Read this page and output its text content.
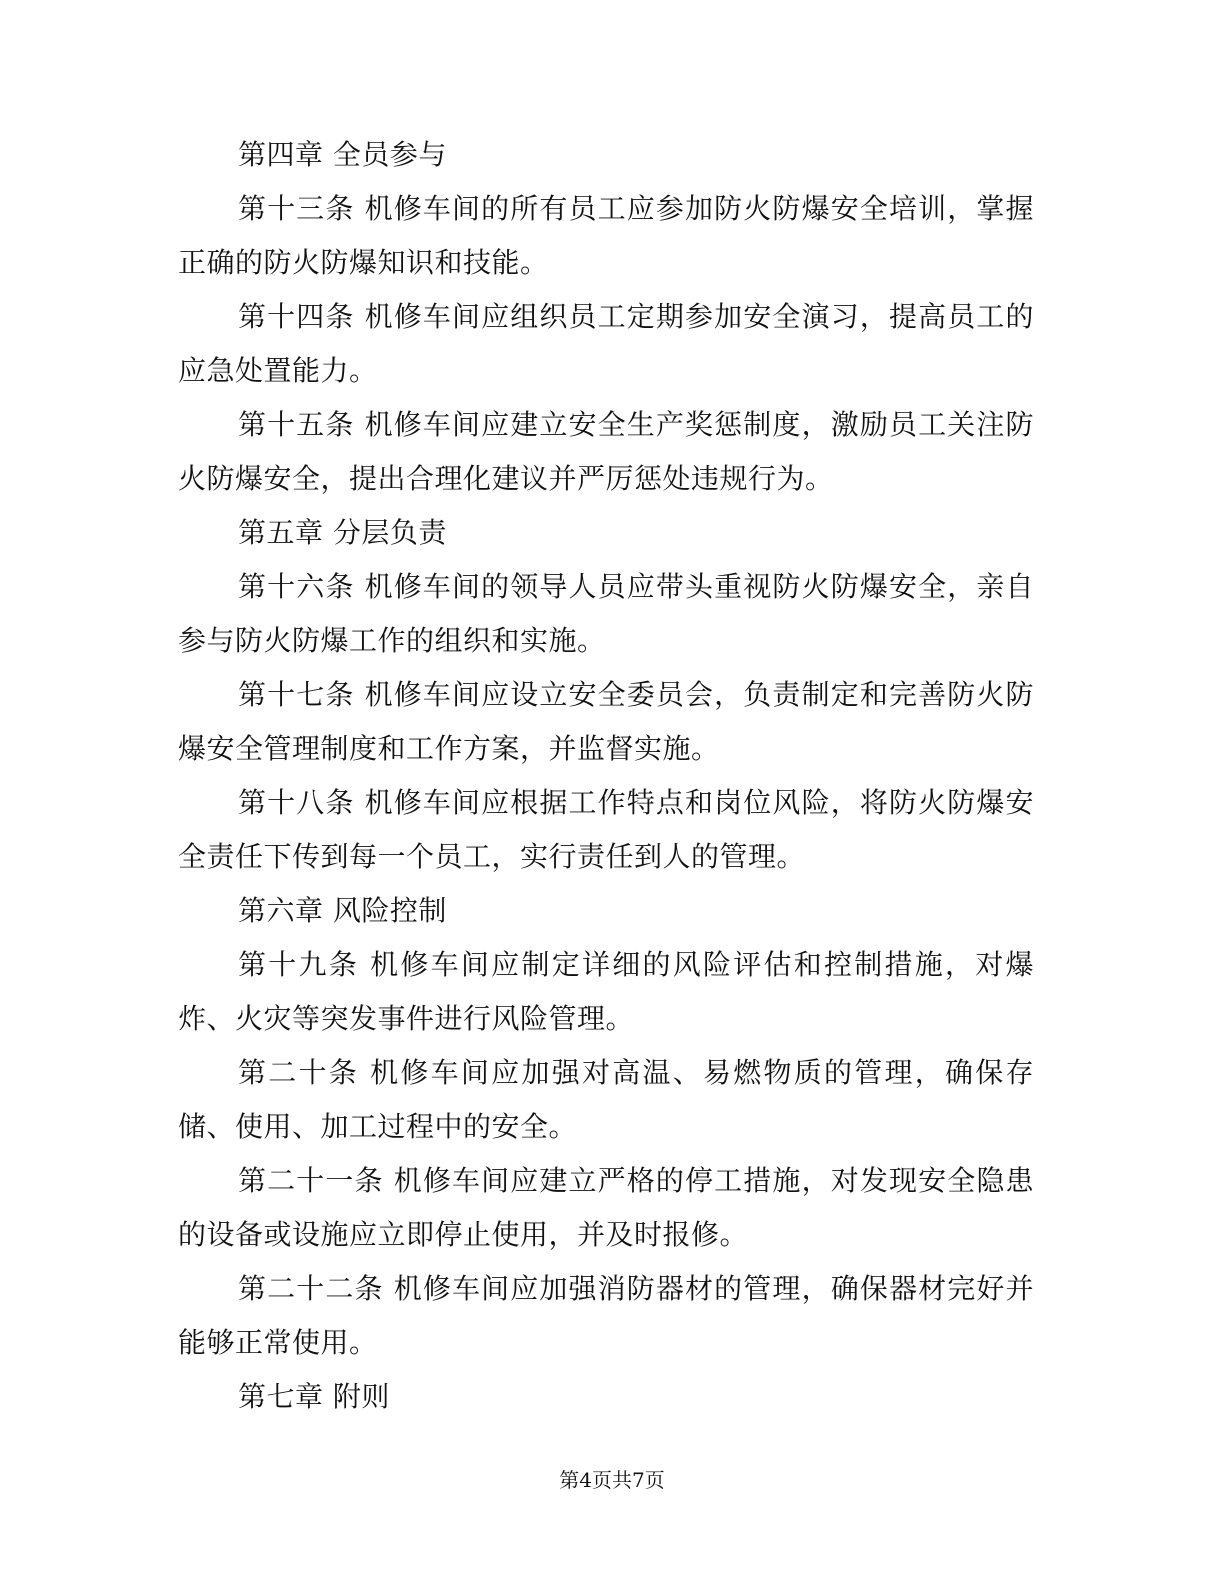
第四章 全员参与

第十三条 机修车间的所有员工应参加防火防爆安全培训，掌握正确的防火防爆知识和技能。

第十四条 机修车间应组织员工定期参加安全演习，提高员工的应急处置能力。

第十五条 机修车间应建立安全生产奖惩制度，激励员工关注防火防爆安全，提出合理化建议并严厉惩处违规行为。

第五章 分层负责

第十六条 机修车间的领导人员应带头重视防火防爆安全，亲自参与防火防爆工作的组织和实施。

第十七条 机修车间应设立安全委员会，负责制定和完善防火防爆安全管理制度和工作方案，并监督实施。

第十八条 机修车间应根据工作特点和岗位风险，将防火防爆安全责任下传到每一个员工，实行责任到人的管理。

第六章 风险控制

第十九条 机修车间应制定详细的风险评估和控制措施，对爆炸、火灾等突发事件进行风险管理。

第二十条 机修车间应加强对高温、易燃物质的管理，确保存储、使用、加工过程中的安全。

第二十一条 机修车间应建立严格的停工措施，对发现安全隐患的设备或设施应立即停止使用，并及时报修。

第二十二条 机修车间应加强消防器材的管理，确保器材完好并能够正常使用。

第七章 附则

第4页共7页
